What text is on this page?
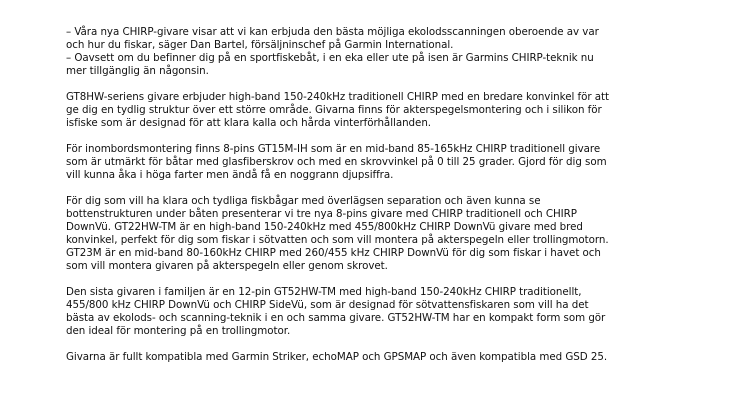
– Våra nya CHIRP-givare visar att vi kan erbjuda den bästa möjliga ekolodsscanningen oberoende av var
och hur du fiskar, säger Dan Bartel, försäljninschef på Garmin International.
– Oavsett om du befinner dig på en sportfiskebåt, i en eka eller ute på isen är Garmins CHIRP-teknik nu
mer tillgänglig än någonsin.
GT8HW-seriens givare erbjuder high-band 150-240kHz traditionell CHIRP med en bredare konvinkel för att
ge dig en tydlig struktur över ett större område. Givarna finns för akterspegelsmontering och i silikon för
isfiske som är designad för att klara kalla och hårda vinterförhållanden.
För inombordsmontering finns 8-pins GT15M-IH som är en mid-band 85-165kHz CHIRP traditionell givare
som är utmärkt för båtar med glasfiberskrov och med en skrovvinkel på 0 till 25 grader. Gjord för dig som
vill kunna åka i höga farter men ändå få en noggrann djupsiffra.
För dig som vill ha klara och tydliga fiskbågar med överlägsen separation och även kunna se
bottenstrukturen under båten presenterar vi tre nya 8-pins givare med CHIRP traditionell och CHIRP
DownVü. GT22HW-TM är en high-band 150-240kHz med 455/800kHz CHIRP DownVü givare med bred
konvinkel, perfekt för dig som fiskar i sötvatten och som vill montera på akterspegeln eller trollingmotorn.
GT23M är en mid-band 80-160kHz CHIRP med 260/455 kHz CHIRP DownVü för dig som fiskar i havet och
som vill montera givaren på akterspegeln eller genom skrovet.
Den sista givaren i familjen är en 12-pin GT52HW-TM med high-band 150-240kHz CHIRP traditionellt,
455/800 kHz CHIRP DownVü och CHIRP SideVü, som är designad för sötvattensfiskaren som vill ha det
bästa av ekolods- och scanning-teknik i en och samma givare. GT52HW-TM har en kompakt form som gör
den ideal för montering på en trollingmotor.
Givarna är fullt kompatibla med Garmin Striker, echoMAP och GPSMAP och även kompatibla med GSD 25.
